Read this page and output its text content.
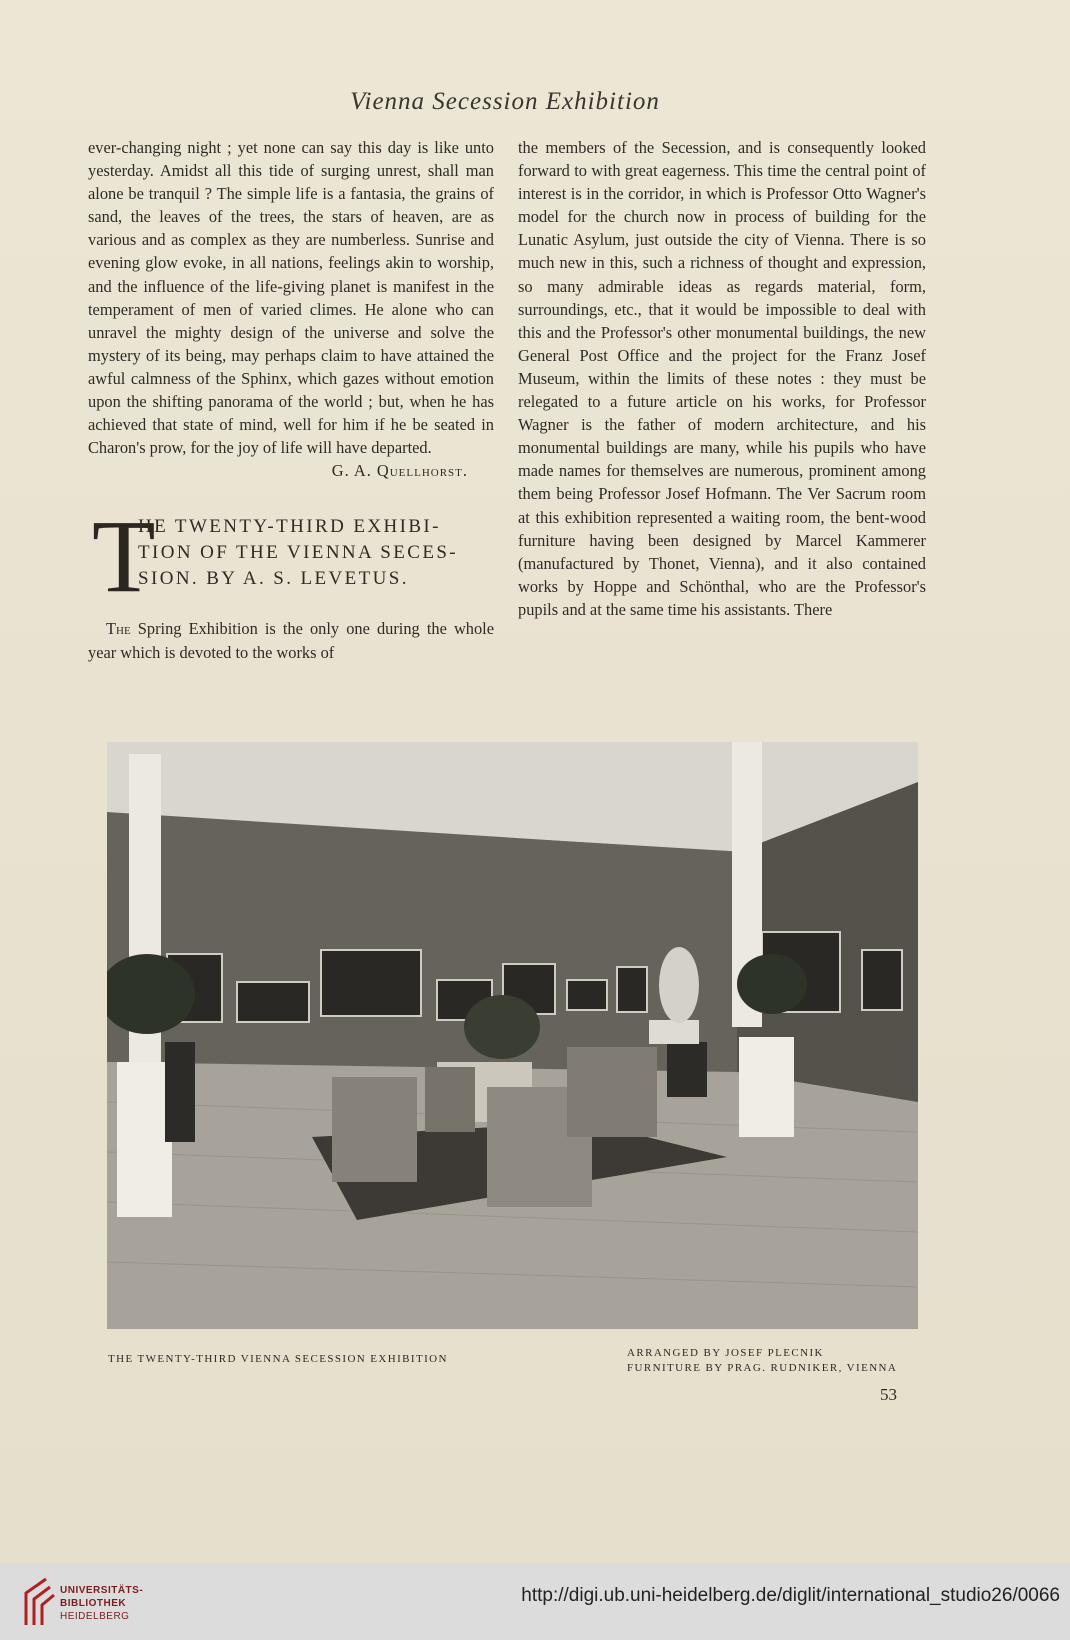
Vienna Secession Exhibition

ever-changing night ; yet none can say this day is like unto yesterday. Amidst all this tide of surging unrest, shall man alone be tranquil ? The simple life is a fantasia, the grains of sand, the leaves of the trees, the stars of heaven, are as various and as complex as they are numberless. Sunrise and evening glow evoke, in all nations, feelings akin to worship, and the influence of the life-giving planet is manifest in the temperament of men of varied climes. He alone who can unravel the mighty design of the universe and solve the mystery of its being, may perhaps claim to have attained the awful calmness of the Sphinx, which gazes without emotion upon the shifting panorama of the world ; but, when he has achieved that state of mind, well for him if he be seated in Charon's prow, for the joy of life will have departed.

G. A. Quellhorst.

T
HE TWENTY-THIRD EXHIBI-
TION OF THE VIENNA SECES-
SION. BY A. S. LEVETUS.

The Spring Exhibition is the only one during the whole year which is devoted to the works of

the members of the Secession, and is consequently looked forward to with great eagerness. This time the central point of interest is in the corridor, in which is Professor Otto Wagner's model for the church now in process of building for the Lunatic Asylum, just outside the city of Vienna. There is so much new in this, such a richness of thought and expression, so many admirable ideas as regards material, form, surroundings, etc., that it would be impossible to deal with this and the Professor's other monumental buildings, the new General Post Office and the project for the Franz Josef Museum, within the limits of these notes : they must be relegated to a future article on his works, for Professor Wagner is the father of modern architecture, and his monumental buildings are many, while his pupils who have made names for themselves are numerous, prominent among them being Professor Josef Hofmann. The Ver Sacrum room at this exhibition represented a waiting room, the bent-wood furniture having been designed by Marcel Kammerer (manufactured by Thonet, Vienna), and it also contained works by Hoppe and Schönthal, who are the Professor's pupils and at the same time his assistants. There

THE TWENTY-THIRD VIENNA SECESSION EXHIBITION	ARRANGED BY JOSEF PLECNIK
FURNITURE BY PRAG. RUDNIKER, VIENNA
53
UNIVERSITÄTS-
BIBLIOTHEK
HEIDELBERG
http://digi.ub.uni-heidelberg.de/diglit/international_studio26/0066
